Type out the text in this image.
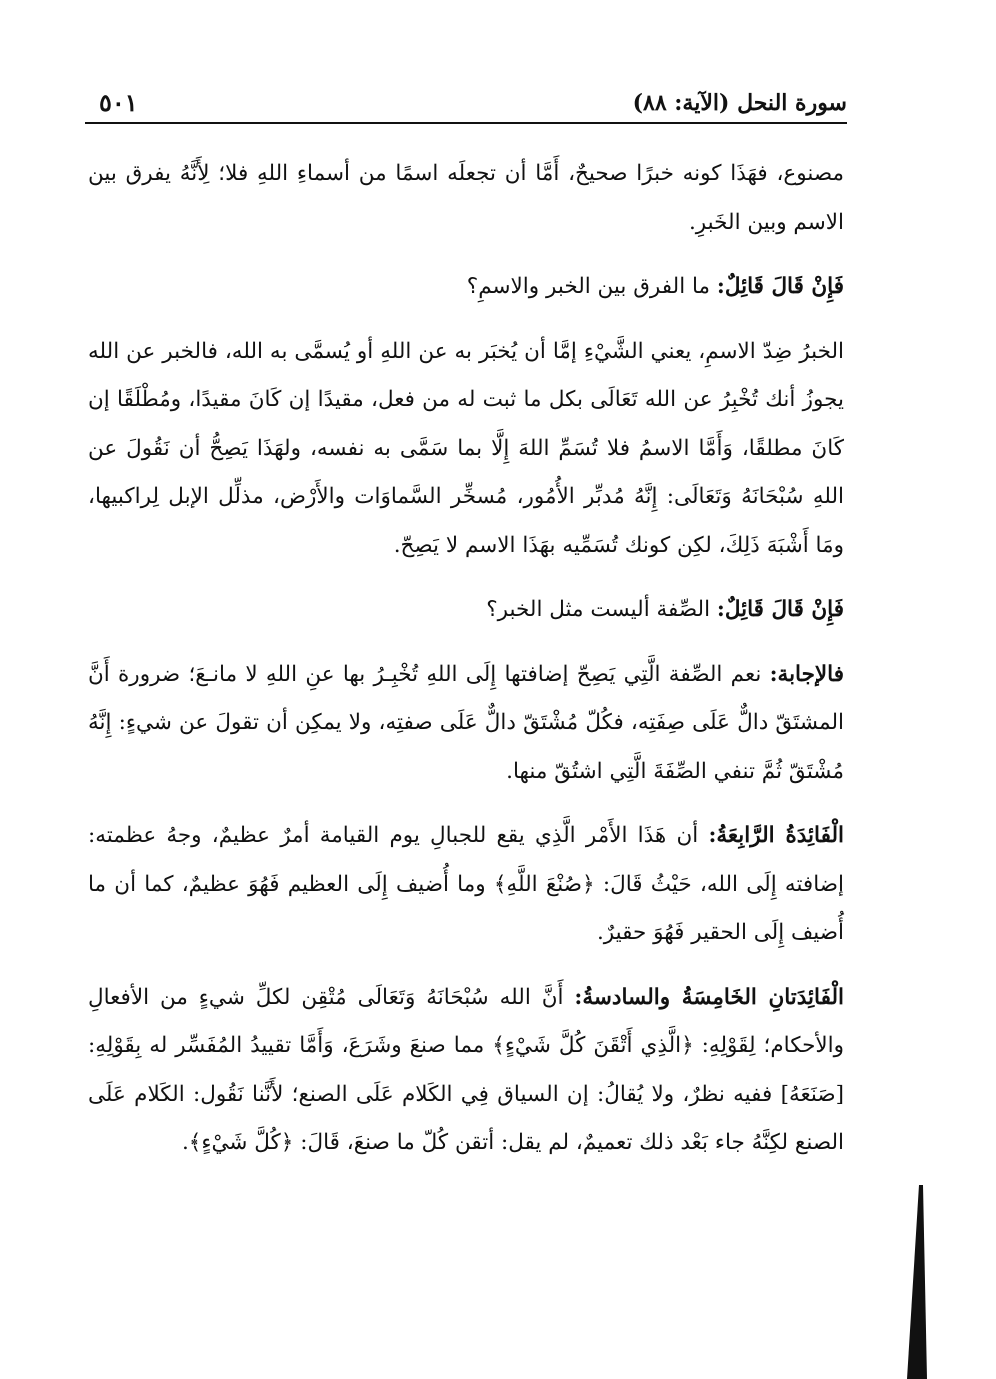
سورة النحل (الآية: ٨٨)
٥٠١

مصنوع، فهَذَا كونه خبرًا صحيحٌ، أَمَّا أن تجعلَه اسمًا من أسماءِ اللهِ فلا؛ لِأَنَّهُ يفرق بين الاسم وبين الخَبرِ.

فَإِنْ قَالَ قَائِلٌ: ما الفرق بين الخبر والاسمِ؟

الخبرُ ضِدّ الاسمِ، يعني الشَّيْءِ إمَّا أن يُخبَر به عن اللهِ أو يُسمَّى به الله، فالخبر عن الله يجوزُ أنك تُخْبِرُ عن الله تَعَالَى بكل ما ثبت له من فعل، مقيدًا إن كَانَ مقيدًا، ومُطْلَقًا إن كَانَ مطلقًا، وَأَمَّا الاسمُ فلا تُسَمِّ اللهَ إِلَّا بما سَمَّى به نفسه، ولهَذَا يَصِحُّ أن نَقُولَ عن اللهِ سُبْحَانَهُ وَتَعَالَى: إِنَّهُ مُدبِّر الأُمُور، مُسخِّر السَّماوَات والأَرْض، مذلِّل الإبل لِراكبيها، ومَا أَشْبَهَ ذَلِكَ، لكِن كونك تُسَمِّيه بهَذَا الاسم لا يَصِحّ.

فَإِنْ قَالَ قَائِلٌ: الصِّفة أليست مثل الخبر؟

فالإجابة: نعم الصِّفة الَّتِي يَصِحّ إضافتها إِلَى اللهِ تُخْبِـرُ بها عنِ اللهِ لا مانـعَ؛ ضرورة أَنَّ المشتَقّ دالٌّ عَلَى صِفَتِه، فكُلّ مُشْتَقّ دالٌّ عَلَى صفتِه، ولا يمكِن أن تقولَ عن شيءٍ: إِنَّهُ مُشْتَقّ ثُمَّ تنفي الصِّفَةَ الَّتِي اشتُقّ منها.

الْفَائِدَةُ الرَّابِعَةُ: أن هَذَا الأَمْر الَّذِي يقع للجبالِ يوم القيامة أمرٌ عظيمٌ، وجهُ عظمته: إضافته إِلَى الله، حَيْثُ قَالَ: ﴿صُنْعَ اللَّهِ﴾ وما أُضيف إِلَى العظيم فَهُوَ عظيمٌ، كما أن ما أُضيف إِلَى الحقير فَهُوَ حقيرٌ.

الْفَائِدَتانِ الخَامِسَةُ والسادسةُ: أَنَّ الله سُبْحَانَهُ وَتَعَالَى مُتْقِن لكلِّ شيءٍ من الأفعالِ والأحكام؛ لِقَوْلِهِ: ﴿الَّذِي أَتْقَنَ كُلَّ شَيْءٍ﴾ مما صنعَ وشَرَعَ، وَأَمَّا تقييدُ المُفَسِّر له بِقَوْلِهِ: [صَنَعَهُ] ففيه نظرٌ، ولا يُقالُ: إن السياق فِي الكَلام عَلَى الصنع؛ لأَنَّنا نَقُول: الكَلام عَلَى الصنع لكِنَّهُ جاء بَعْد ذلك تعميمٌ، لم يقل: أتقن كُلّ ما صنعَ، قَالَ: ﴿كُلَّ شَيْءٍ﴾.
